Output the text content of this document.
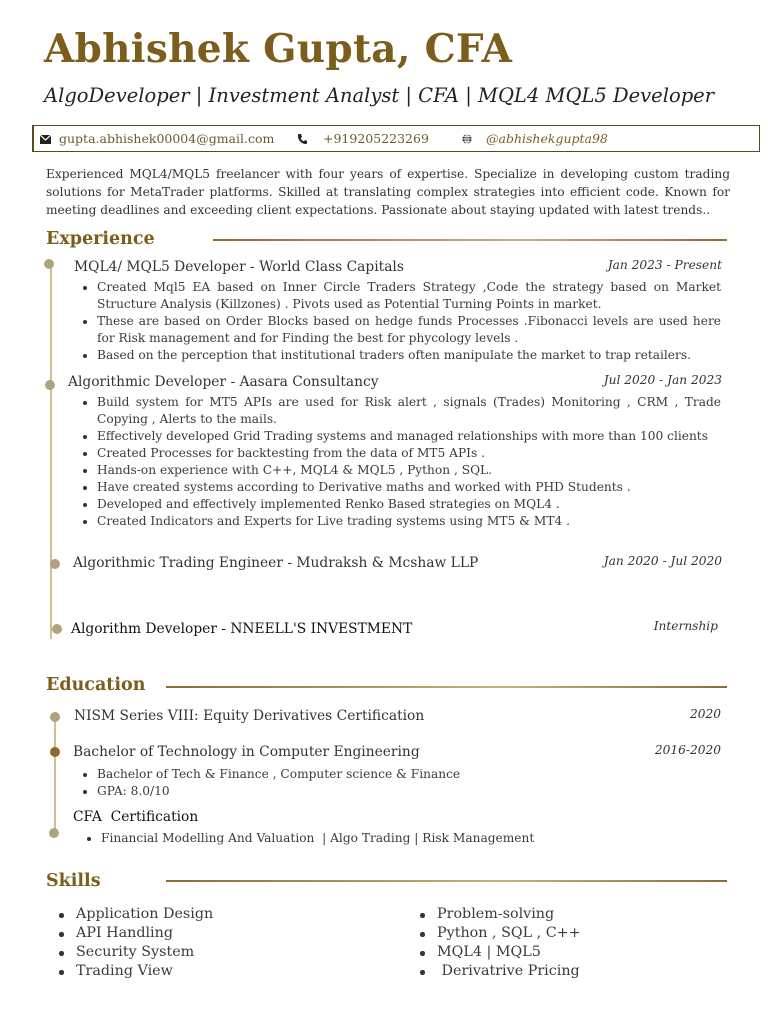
Abhishek Gupta, CFA
AlgoDeveloper | Investment Analyst | CFA | MQL4 MQL5 Developer
gupta.abhishek00004@gmail.com	+919205223269	@abhishekgupta98
Experienced MQL4/MQL5 freelancer with four years of expertise. Specialize in developing custom trading solutions for MetaTrader platforms. Skilled at translating complex strategies into efficient code. Known for meeting deadlines and exceeding client expectations. Passionate about staying updated with latest trends..
Experience
MQL4/ MQL5 Developer - World Class Capitals	Jan 2023 - Present
Created Mql5 EA based on Inner Circle Traders Strategy ,Code the strategy based on Market Structure Analysis (Killzones) . Pivots used as Potential Turning Points in market.
These are based on Order Blocks based on hedge funds Processes .Fibonacci levels are used here for Risk management and for Finding the best for phycology levels .
Based on the perception that institutional traders often manipulate the market to trap retailers.
Algorithmic Developer - Aasara Consultancy	Jul 2020 - Jan 2023
Build system for MT5 APIs are used for Risk alert , signals (Trades) Monitoring , CRM , Trade Copying , Alerts to the mails.
Effectively developed Grid Trading systems and managed relationships with more than 100 clients
Created Processes for backtesting from the data of MT5 APIs .
Hands-on experience with C++, MQL4 & MQL5 , Python , SQL.
Have created systems according to Derivative maths and worked with PHD Students .
Developed and effectively implemented Renko Based strategies on MQL4 .
Created Indicators and Experts for Live trading systems using MT5 & MT4 .
Algorithmic Trading Engineer - Mudraksh & Mcshaw LLP	Jan 2020 - Jul 2020
Algorithm Developer - NNEELL'S INVESTMENT	Internship
Education
NISM Series VIII: Equity Derivatives Certification	2020
Bachelor of Technology in Computer Engineering	2016-2020
Bachelor of Tech & Finance , Computer science & Finance
GPA: 8.0/10
CFA  Certification
Financial Modelling And Valuation  | Algo Trading | Risk Management
Skills
Application Design
API Handling
Security System
Trading View
Problem-solving
Python , SQL , C++
MQL4 | MQL5
Derivatrive Pricing
